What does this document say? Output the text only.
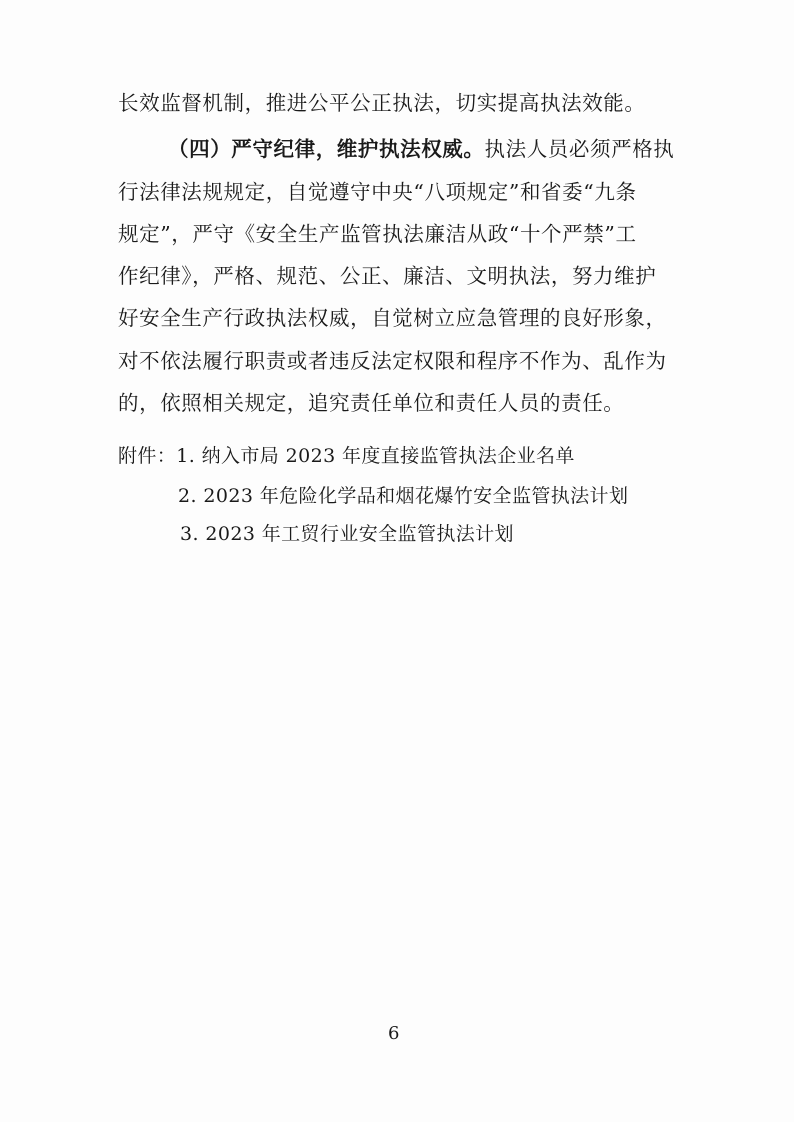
长效监督机制，推进公平公正执法，切实提高执法效能。
（四）严守纪律，维护执法权威。执法人员必须严格执
行法律法规规定，自觉遵守中央“八项规定”和省委“九条
规定”，严守《安全生产监管执法廉洁从政“十个严禁”工
作纪律》，严格、规范、公正、廉洁、文明执法，努力维护
好安全生产行政执法权威，自觉树立应急管理的良好形象，
对不依法履行职责或者违反法定权限和程序不作为、乱作为
的，依照相关规定，追究责任单位和责任人员的责任。
附件：1. 纳入市局 2023 年度直接监管执法企业名单
2. 2023 年危险化学品和烟花爆竹安全监管执法计划
3. 2023 年工贸行业安全监管执法计划
6
